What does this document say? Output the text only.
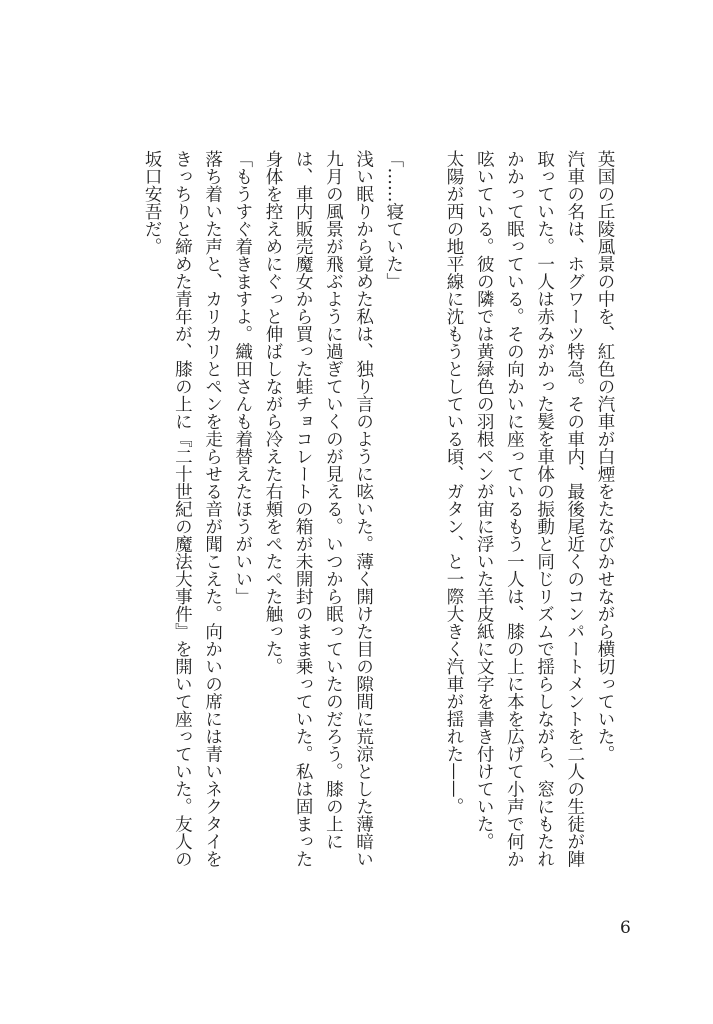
英国の丘陵風景の中を、紅色の汽車が白煙をたなびかせながら横切っていた。

汽車の名は、ホグワーツ特急。その車内、最後尾近くのコンパートメントを二人の生徒が陣取っていた。一人は赤みがかった髪を車体の振動と同じリズムで揺らしながら、窓にもたれかかって眠っている。その向かいに座っているもう一人は、膝の上に本を広げて小声で何か呟いている。彼の隣では黄緑色の羽根ペンが宙に浮いた羊皮紙に文字を書き付けていた。

太陽が西の地平線に沈もうとしている頃、ガタン、と一際大きく汽車が揺れた——。

「……寝ていた」

浅い眠りから覚めた私は、独り言のように呟いた。薄く開けた目の隙間に荒涼とした薄暗い九月の風景が飛ぶように過ぎていくのが見える。いつから眠っていたのだろう。膝の上には、車内販売魔女から買った蛙チョコレートの箱が未開封のまま乗っていた。私は固まった身体を控えめにぐっと伸ばしながら冷えた右頬をぺたぺた触った。

「もうすぐ着きますよ。織田さんも着替えたほうがいい」

落ち着いた声と、カリカリとペンを走らせる音が聞こえた。向かいの席には青いネクタイをきっちりと締めた青年が、膝の上に『二十世紀の魔法大事件』を開いて座っていた。友人の坂口安吾だ。

6
